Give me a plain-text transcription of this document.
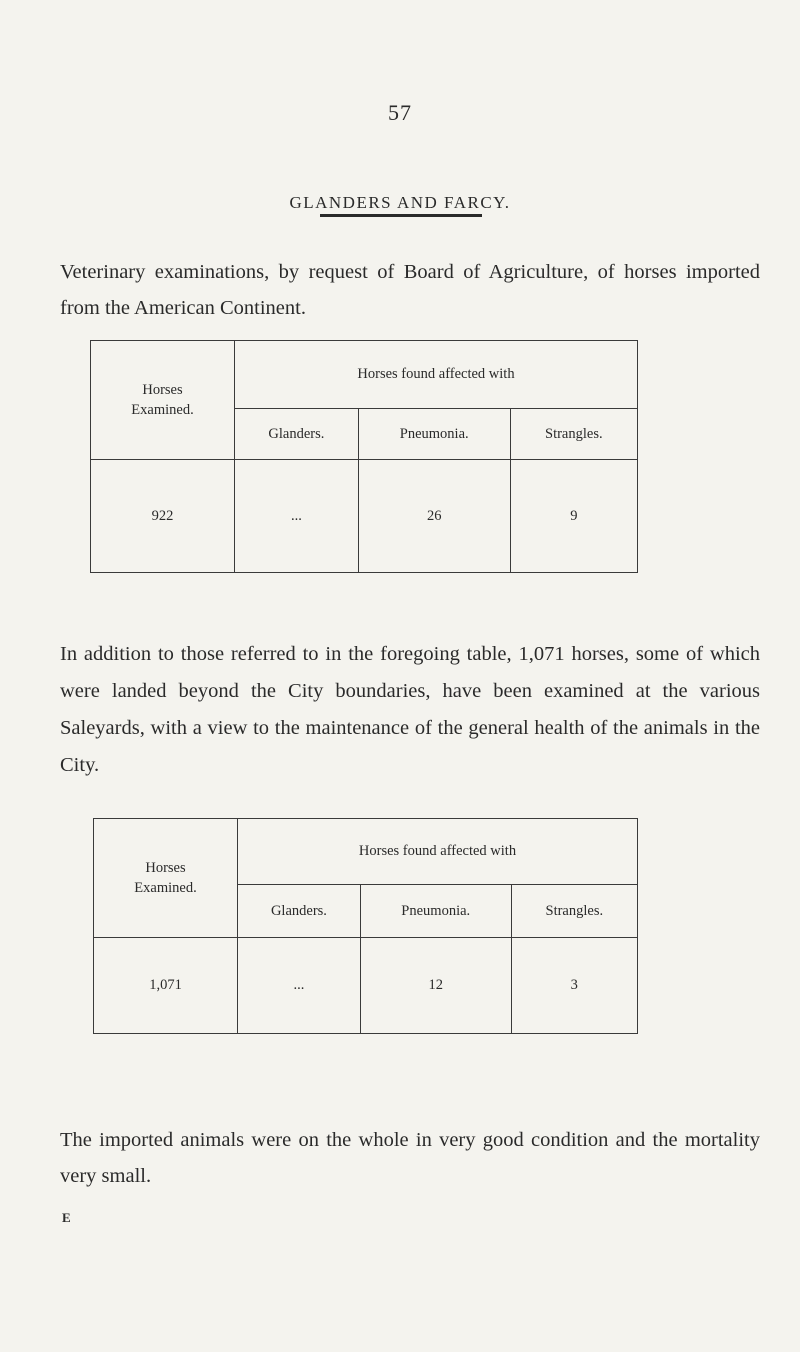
57
GLANDERS AND FARCY.
Veterinary examinations, by request of Board of Agriculture, of horses imported from the American Continent.
Horses
Examined.	Horses found affected with		
	Glanders.	Pneumonia.	Strangles.
922	...	26	9
In addition to those referred to in the foregoing table, 1,071 horses, some of which were landed beyond the City boundaries, have been examined at the various Saleyards, with a view to the maintenance of the general health of the animals in the City.
Horses
Examined.	Horses found affected with		
	Glanders.	Pneumonia.	Strangles.
1,071	...	12	3
The imported animals were on the whole in very good condition and the mortality very small.
E
